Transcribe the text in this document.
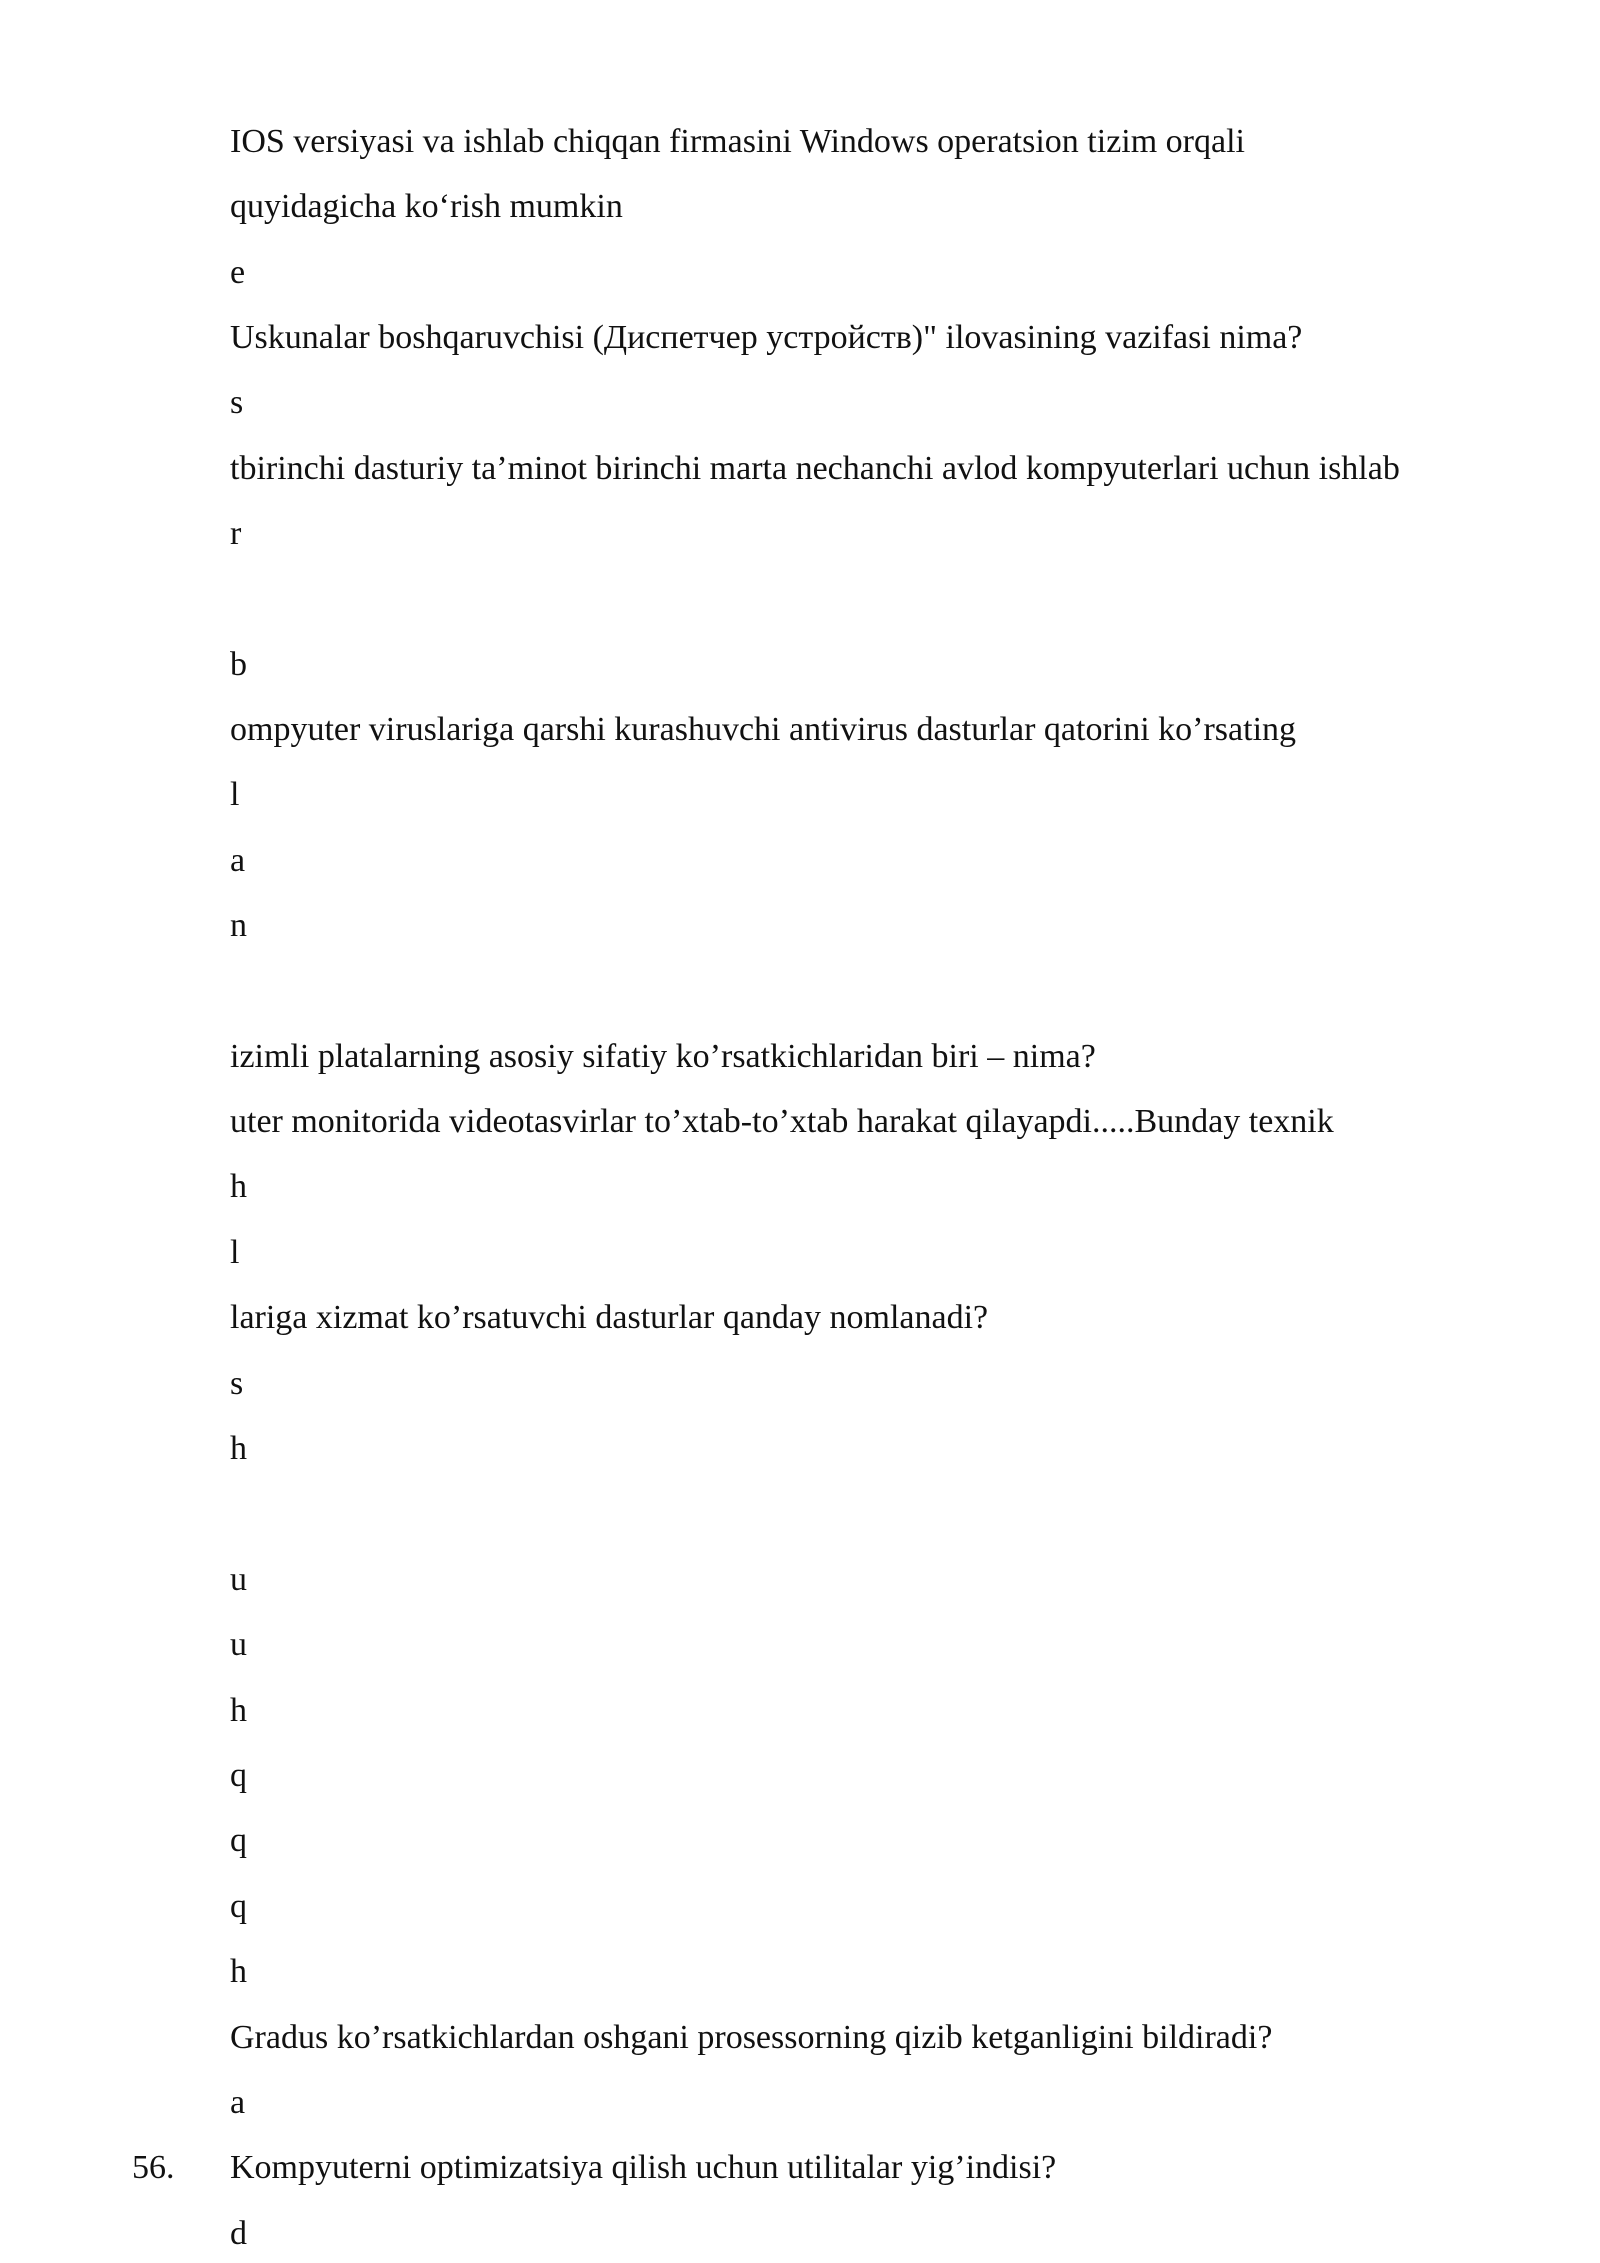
IOS versiyasi va ishlab chiqqan firmasini Windows operatsion tizim orqali
quyidagicha ko‘rish mumkin
e
Uskunalar boshqaruvchisi (Диспетчер устройств)" ilovasining vazifasi nima?
s
tbirinchi dasturiy ta’minot birinchi marta nechanchi avlod kompyuterlari uchun ishlab
r
b
ompyuter viruslariga qarshi kurashuvchi antivirus dasturlar qatorini ko’rsating
l
a
n
izimli platalarning asosiy sifatiy ko’rsatkichlaridan biri – nima?
uter monitorida videotasvirlar to’xtab-to’xtab harakat qilayapdi.....Bunday texnik
h
l
lariga xizmat ko’rsatuvchi dasturlar qanday nomlanadi?
s
h
u
u
h
q
q
q
h
Gradus ko’rsatkichlardan oshgani prosessorning qizib ketganligini bildiradi?
a
56. Kompyuterni optimizatsiya qilish uchun utilitalar yig’indisi?
d
